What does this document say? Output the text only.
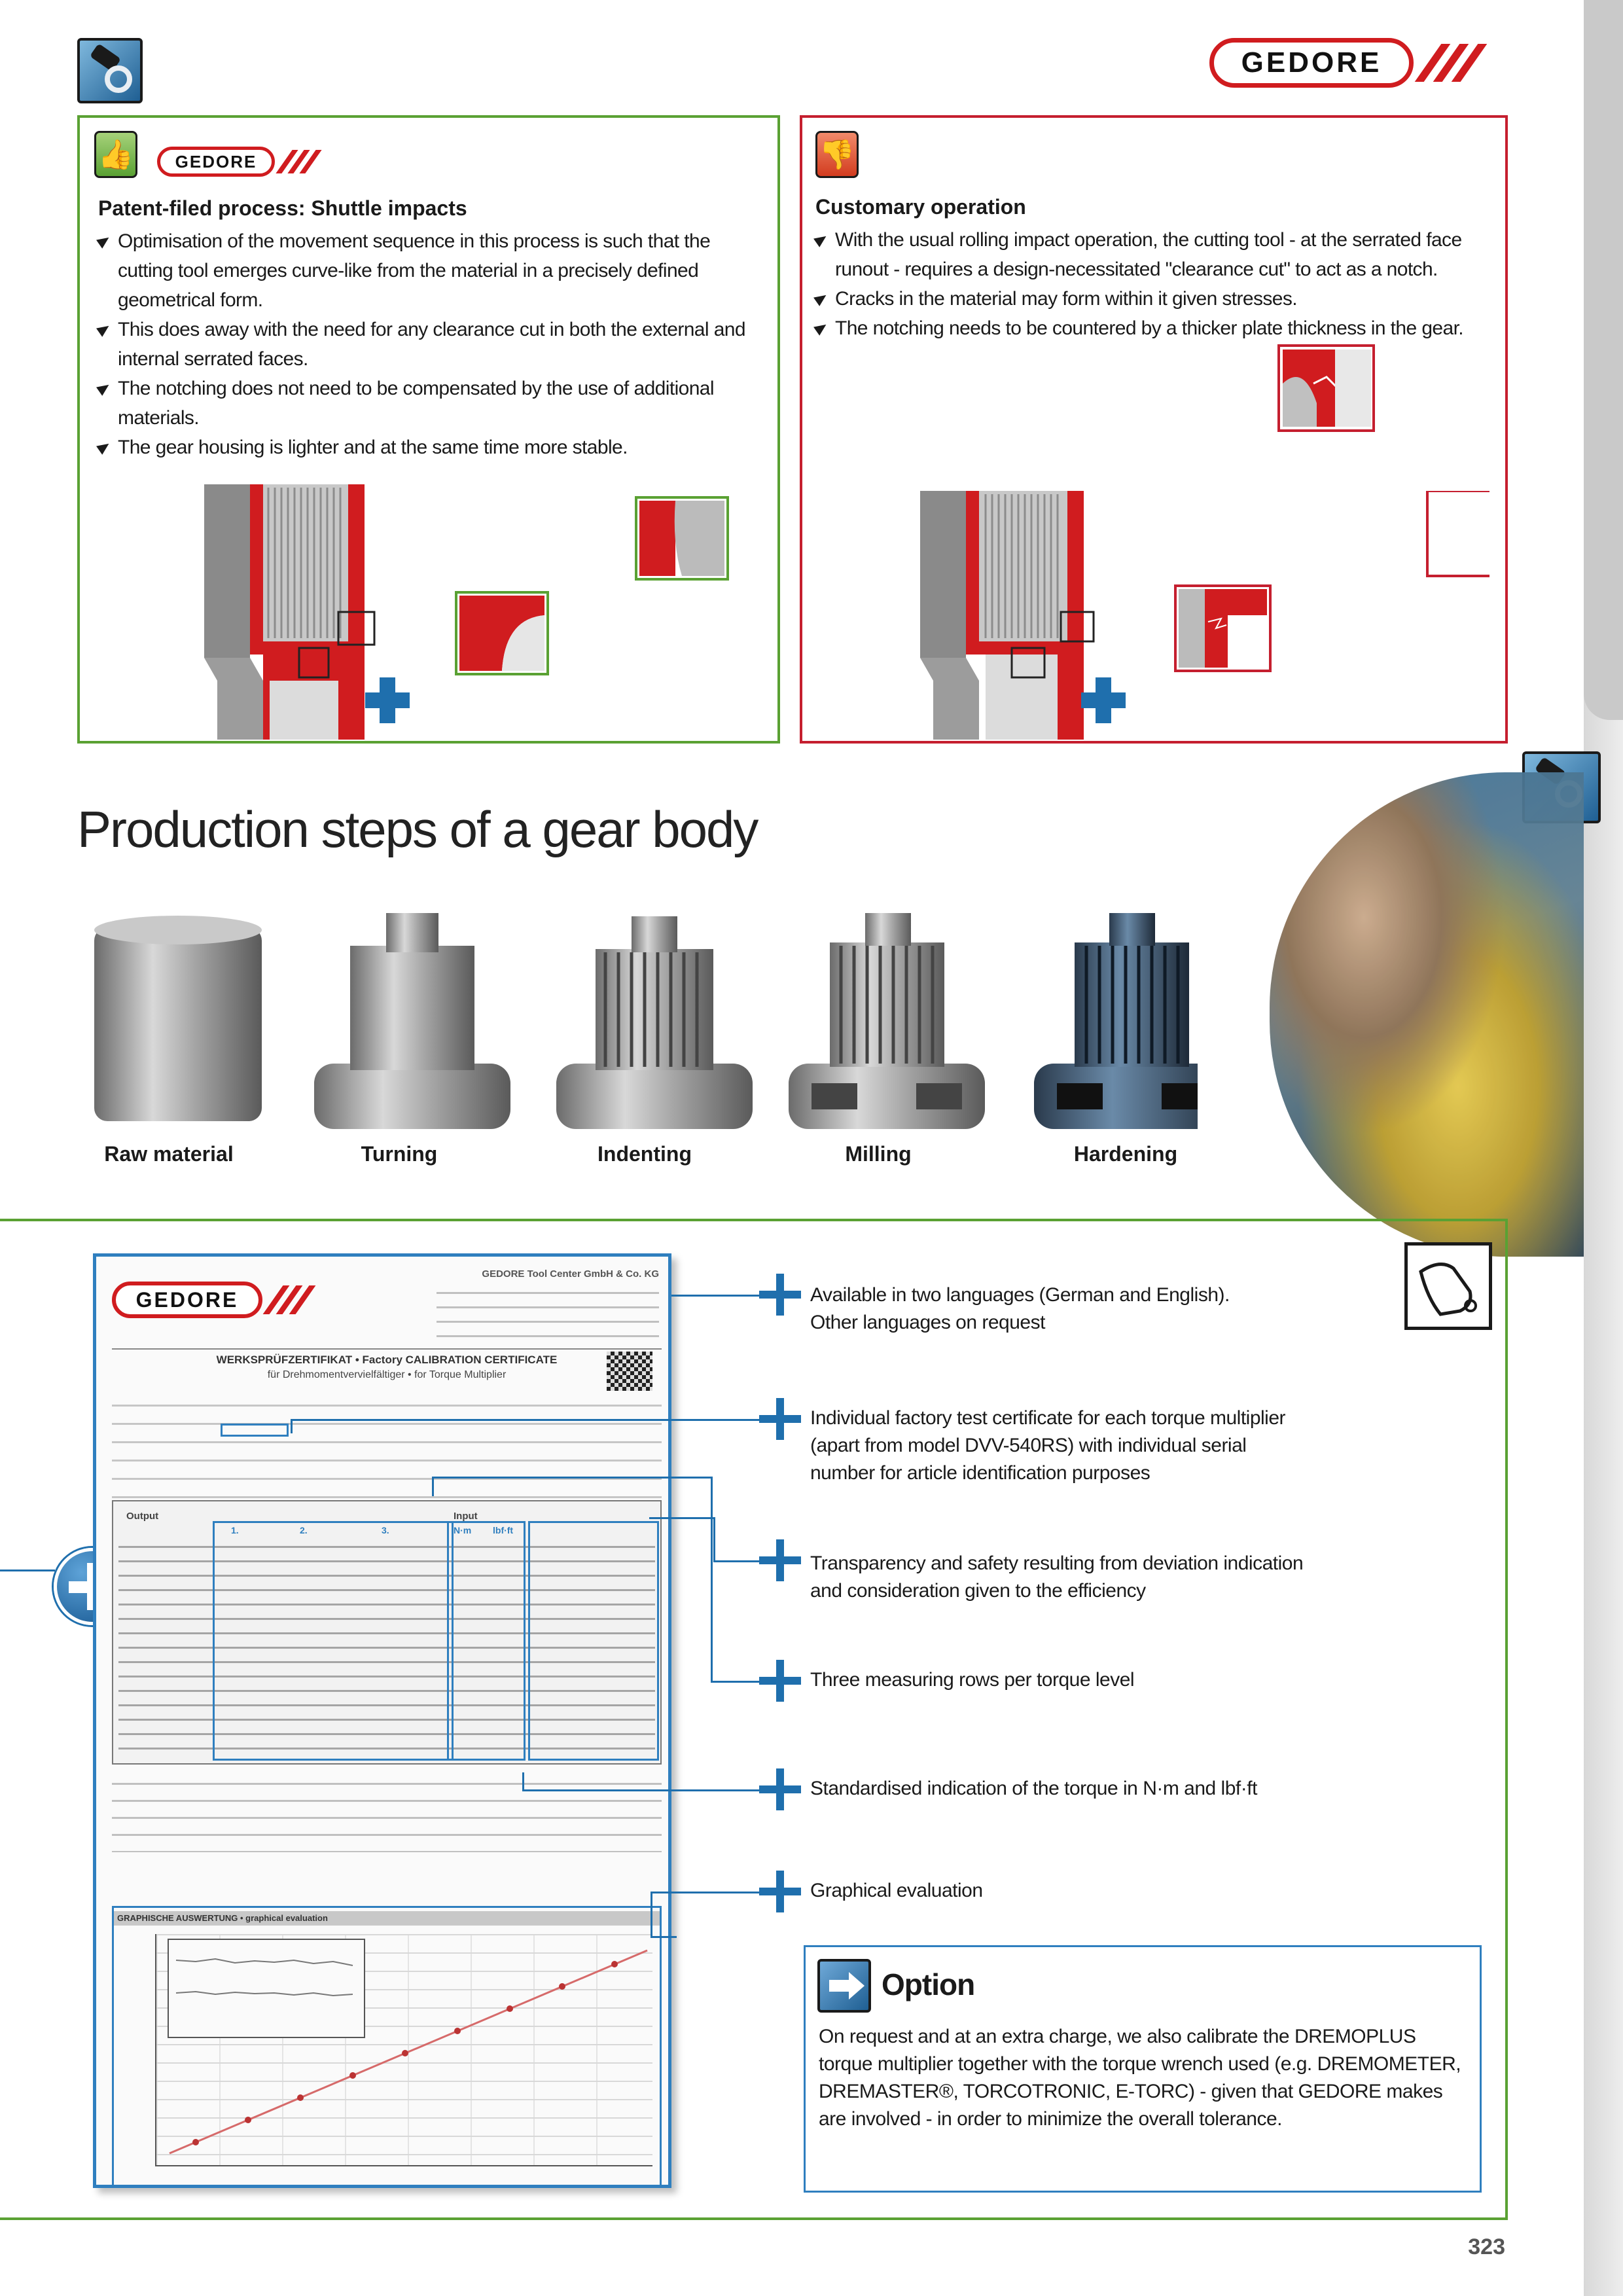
GEDORE
👍	GEDORE
Patent-filed process: Shuttle impacts
Optimisation of the movement sequence in this process is such that the cutting tool emerges curve-like from the material in a precisely defined geometrical form.
This does away with the need for any clearance cut in both the external and internal serrated faces.
The notching does not need to be compensated by the use of additional materials.
The gear housing is lighter and at the same time more stable.
👎
Customary operation
With the usual rolling impact operation, the cutting tool - at the serrated face runout - requires a design-necessitated "clearance cut" to act as a notch.
Cracks in the material may form within it given stresses.
The notching needs to be countered by a thicker plate thickness in the gear.
Production steps of a gear body
Raw material	Turning	Indenting	Milling	Hardening
GEDORE
GEDORE Tool Center GmbH & Co. KG
WERKSPRÜFZERTIFIKAT • Factory CALIBRATION CERTIFICATE
für Drehmomentvervielfältiger • for Torque Multiplier
Output	Input
N·m lbf·ft
1.	2.	3.
GRAPHISCHE AUSWERTUNG • graphical evaluation
Available in two languages (German and English).
Other languages on request
Individual factory test certificate for each torque multiplier (apart from model DVV-540RS) with individual serial number for article identification purposes
Transparency and safety resulting from deviation indication and consideration given to the efficiency
Three measuring rows per torque level
Standardised indication of the torque in N·m and lbf·ft
Graphical evaluation
Option
On request and at an extra charge, we also calibrate the DREMOPLUS torque multiplier together with the torque wrench used (e.g. DREMOMETER, DREMASTER®, TORCOTRONIC, E-TORC) - given that GEDORE makes are involved - in order to minimize the overall tolerance.
323
